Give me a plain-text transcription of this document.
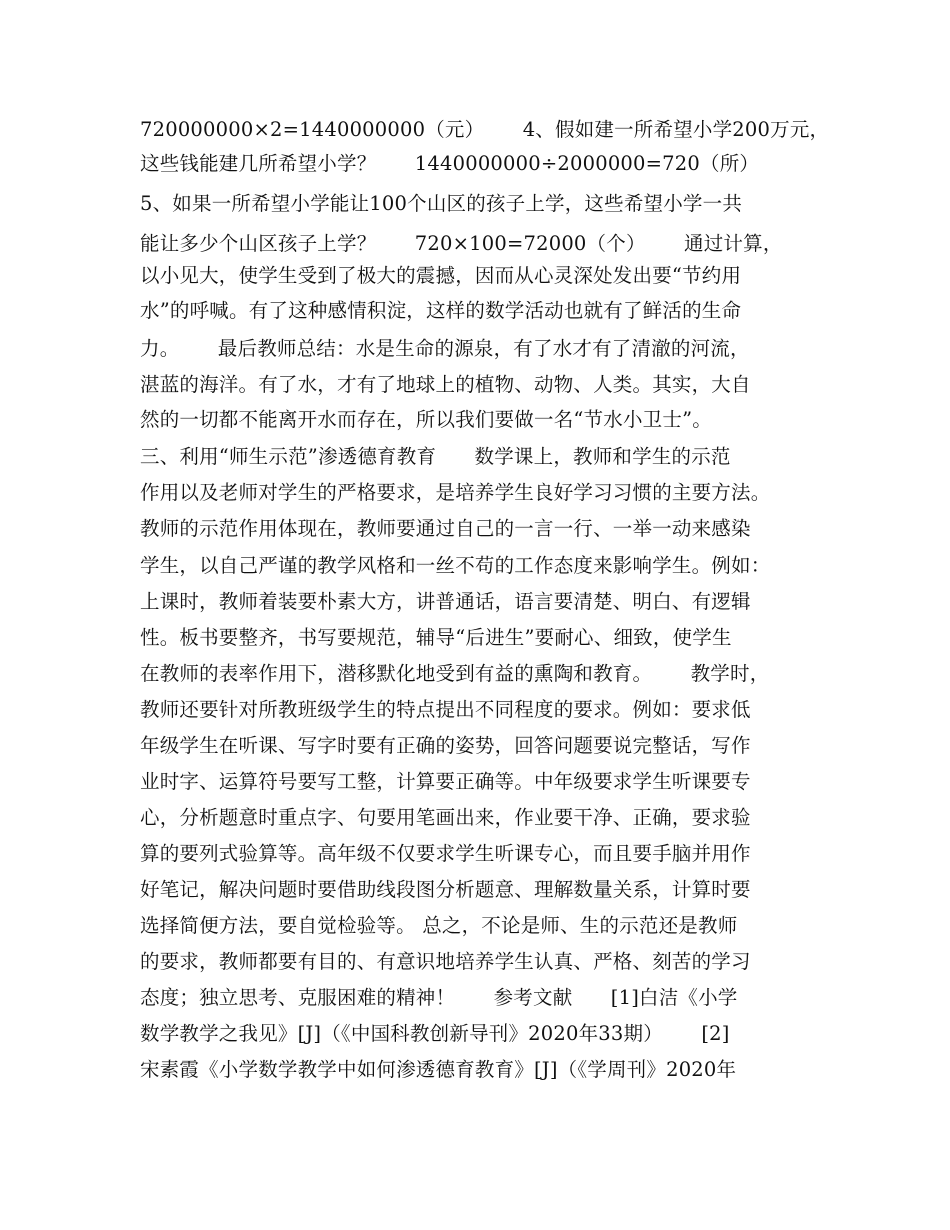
720000000×2=1440000000（元）      4、假如建一所希望小学200万元，
这些钱能建几所希望小学？      1440000000÷2000000=720（所）
5、如果一所希望小学能让100个山区的孩子上学，这些希望小学一共
能让多少个山区孩子上学？      720×100=72000（个）      通过计算，
以小见大，使学生受到了极大的震撼，因而从心灵深处发出要“节约用
水”的呼喊。有了这种感情积淀，这样的数学活动也就有了鲜活的生命
力。      最后教师总结：水是生命的源泉，有了水才有了清澈的河流，
湛蓝的海洋。有了水，才有了地球上的植物、动物、人类。其实，大自
然的一切都不能离开水而存在，所以我们要做一名“节水小卫士”。
三、利用“师生示范”渗透德育教育      数学课上，教师和学生的示范
作用以及老师对学生的严格要求，是培养学生良好学习习惯的主要方法。
教师的示范作用体现在，教师要通过自己的一言一行、一举一动来感染
学生，以自己严谨的教学风格和一丝不苟的工作态度来影响学生。例如：
上课时，教师着装要朴素大方，讲普通话，语言要清楚、明白、有逻辑
性。板书要整齐，书写要规范，辅导“后进生”要耐心、细致，使学生
在教师的表率作用下，潜移默化地受到有益的熏陶和教育。      教学时，
教师还要针对所教班级学生的特点提出不同程度的要求。例如：要求低
年级学生在听课、写字时要有正确的姿势，回答问题要说完整话，写作
业时字、运算符号要写工整，计算要正确等。中年级要求学生听课要专
心，分析题意时重点字、句要用笔画出来，作业要干净、正确，要求验
算的要列式验算等。高年级不仅要求学生听课专心，而且要手脑并用作
好笔记，解决问题时要借助线段图分析题意、理解数量关系，计算时要
选择简便方法，要自觉检验等。 总之，不论是师、生的示范还是教师
的要求，教师都要有目的、有意识地培养学生认真、严格、刻苦的学习
态度；独立思考、克服困难的精神！      参考文献      [1]白洁《小学
数学教学之我见》[J]（《中国科教创新导刊》2020年33期）      [2]
宋素霞《小学数学教学中如何渗透德育教育》[J]（《学周刊》2020年
